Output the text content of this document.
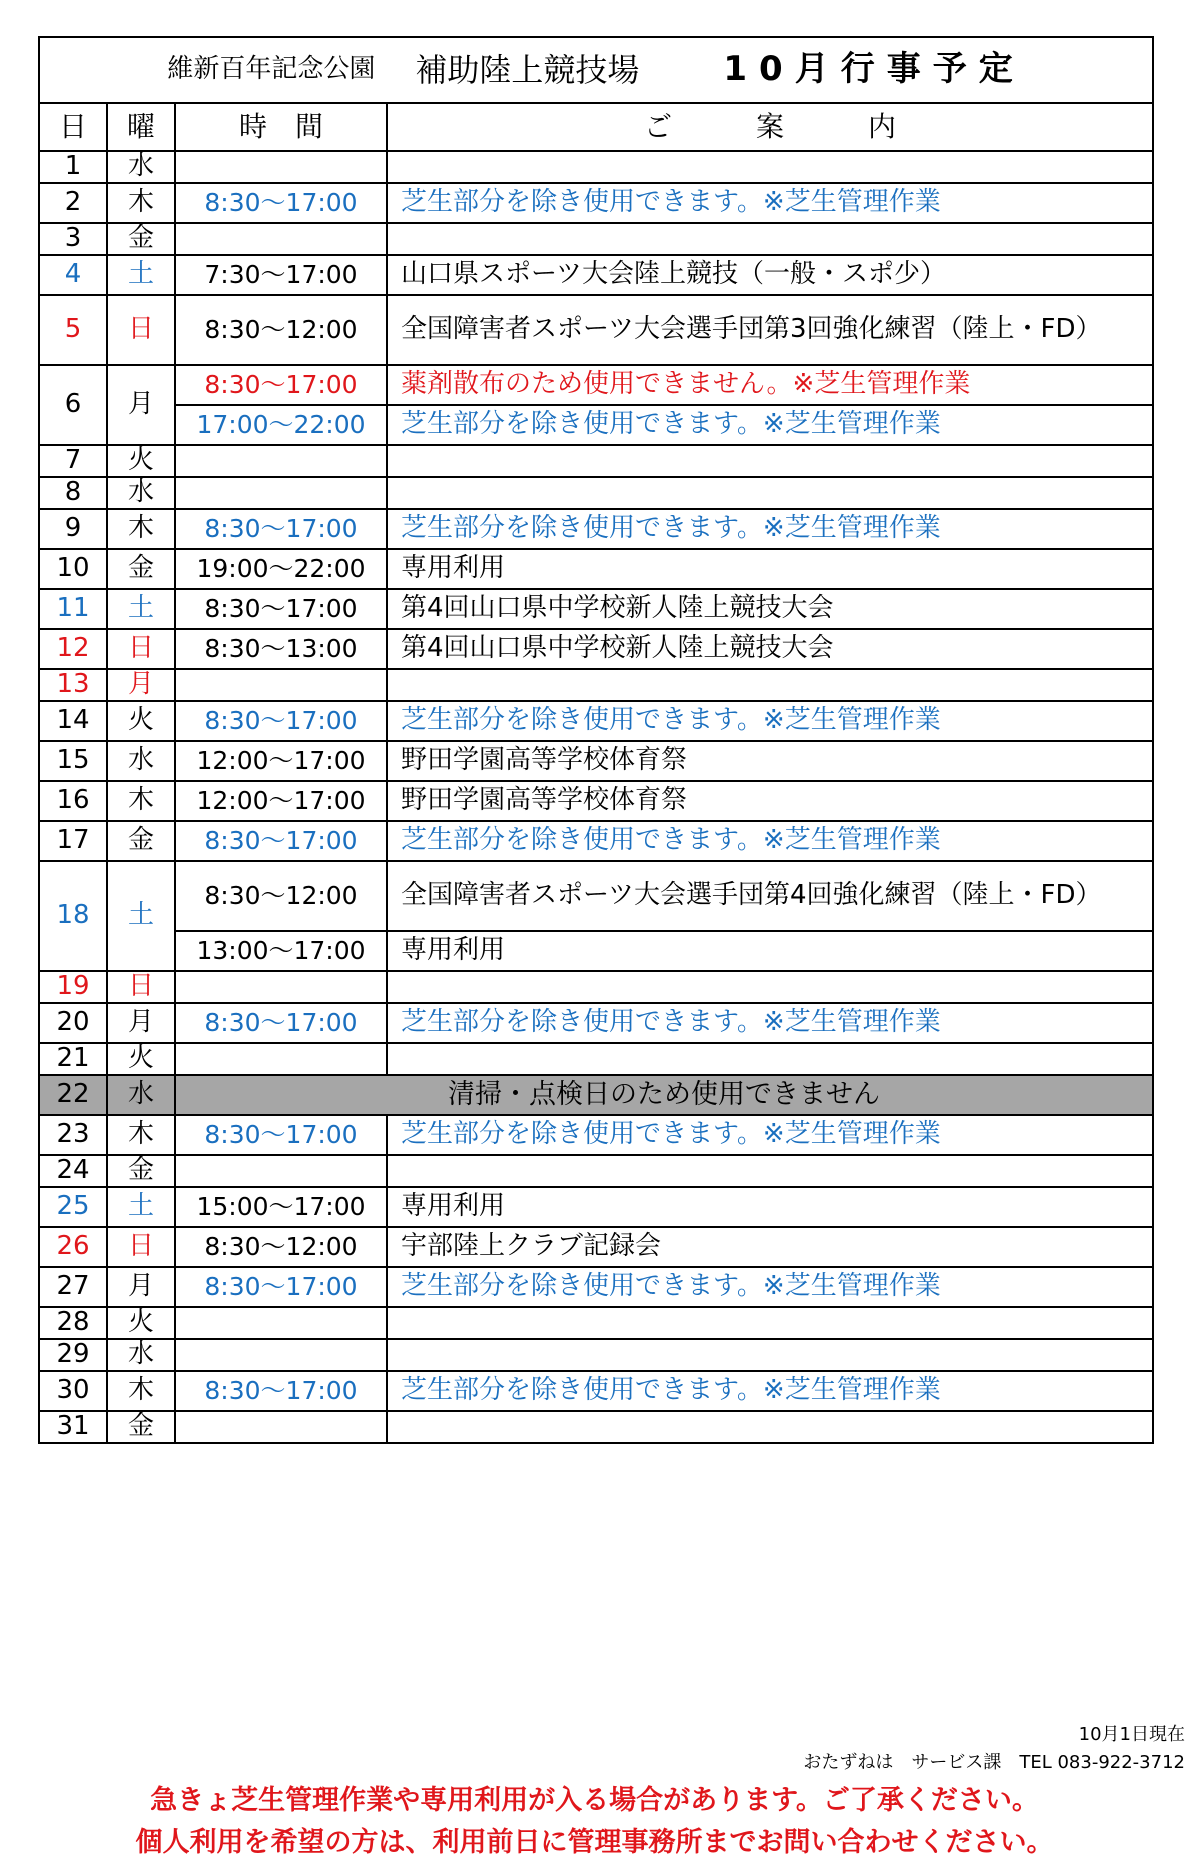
維新百年記念公園 補助陸上競技場 10月行事予定			

日	曜	時　間	ご　　　案　　　内
1	水		
2	木	8:30～17:00	芝生部分を除き使用できます。※芝生管理作業
3	金		
4	土	7:30～17:00	山口県スポーツ大会陸上競技（一般・スポ少）
5	日	8:30～12:00	全国障害者スポーツ大会選手団第3回強化練習（陸上・FD）
6	月	8:30～17:00	薬剤散布のため使用できません。※芝生管理作業
		17:00～22:00	芝生部分を除き使用できます。※芝生管理作業
7	火		
8	水		
9	木	8:30～17:00	芝生部分を除き使用できます。※芝生管理作業
10	金	19:00～22:00	専用利用
11	土	8:30～17:00	第4回山口県中学校新人陸上競技大会
12	日	8:30～13:00	第4回山口県中学校新人陸上競技大会
13	月		
14	火	8:30～17:00	芝生部分を除き使用できます。※芝生管理作業
15	水	12:00～17:00	野田学園高等学校体育祭
16	木	12:00～17:00	野田学園高等学校体育祭
17	金	8:30～17:00	芝生部分を除き使用できます。※芝生管理作業
18	土	8:30～12:00	全国障害者スポーツ大会選手団第4回強化練習（陸上・FD）
		13:00～17:00	専用利用
19	日		
20	月	8:30～17:00	芝生部分を除き使用できます。※芝生管理作業
21	火		
22	水	清掃・点検日のため使用できません	
23	木	8:30～17:00	芝生部分を除き使用できます。※芝生管理作業
24	金		
25	土	15:00～17:00	専用利用
26	日	8:30～12:00	宇部陸上クラブ記録会
27	月	8:30～17:00	芝生部分を除き使用できます。※芝生管理作業
28	火		
29	水		
30	木	8:30～17:00	芝生部分を除き使用できます。※芝生管理作業
31	金		
10月1日現在
おたずねは　サービス課　TEL 083-922-3712
急きょ芝生管理作業や専用利用が入る場合があります。ご了承ください。
個人利用を希望の方は、利用前日に管理事務所までお問い合わせください。
